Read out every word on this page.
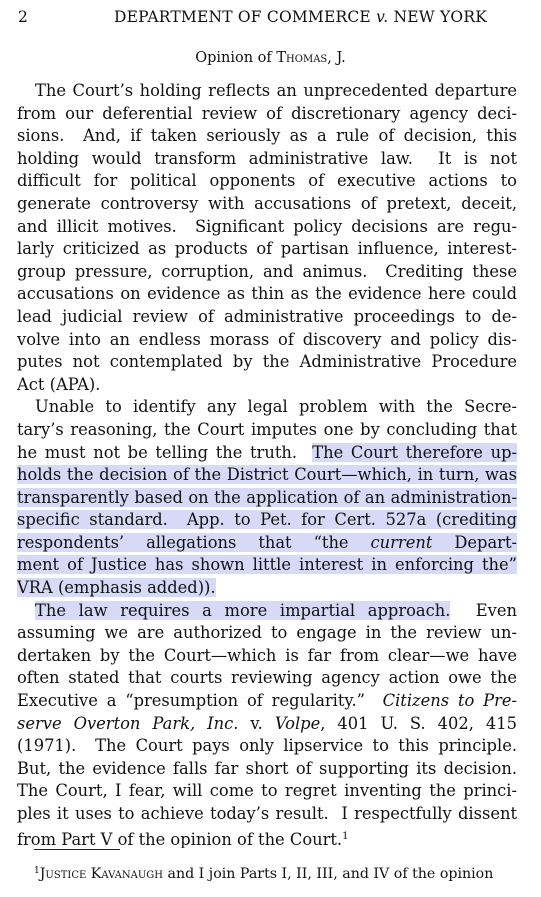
2	DEPARTMENT OF COMMERCE v. NEW YORK
Opinion of Thomas, J.
The Court’s holding reflects an unprecedented departure
from our deferential review of discretionary agency deci-
sions.  And, if taken seriously as a rule of decision, this
holding would transform administrative law.  It is not
difficult for political opponents of executive actions to
generate controversy with accusations of pretext, deceit,
and illicit motives.  Significant policy decisions are regu-
larly criticized as products of partisan influence, interest-
group pressure, corruption, and animus.  Crediting these
accusations on evidence as thin as the evidence here could
lead judicial review of administrative proceedings to de-
volve into an endless morass of discovery and policy dis-
putes not contemplated by the Administrative Procedure
Act (APA).
Unable to identify any legal problem with the Secre-
tary’s reasoning, the Court imputes one by concluding that
he must not be telling the truth.  The Court therefore up-
holds the decision of the District Court—which, in turn, was
transparently based on the application of an administration-
specific standard.  App. to Pet. for Cert. 527a (crediting
respondents’  allegations  that  “the  current  Depart-
ment of Justice has shown little interest in enforcing the”
VRA (emphasis added)).
The law requires a more impartial approach.  Even
assuming we are authorized to engage in the review un-
dertaken by the Court—which is far from clear—we have
often stated that courts reviewing agency action owe the
Executive a “presumption of regularity.”  Citizens to Pre-
serve Overton Park, Inc. v. Volpe, 401 U. S. 402, 415
(1971).  The Court pays only lipservice to this principle.
But, the evidence falls far short of supporting its decision.
The Court, I fear, will come to regret inventing the princi-
ples it uses to achieve today’s result.  I respectfully dissent
from Part V of the opinion of the Court.$^1$
$^1$Justice Kavanaugh and I join Parts I, II, III, and IV of the opinion
